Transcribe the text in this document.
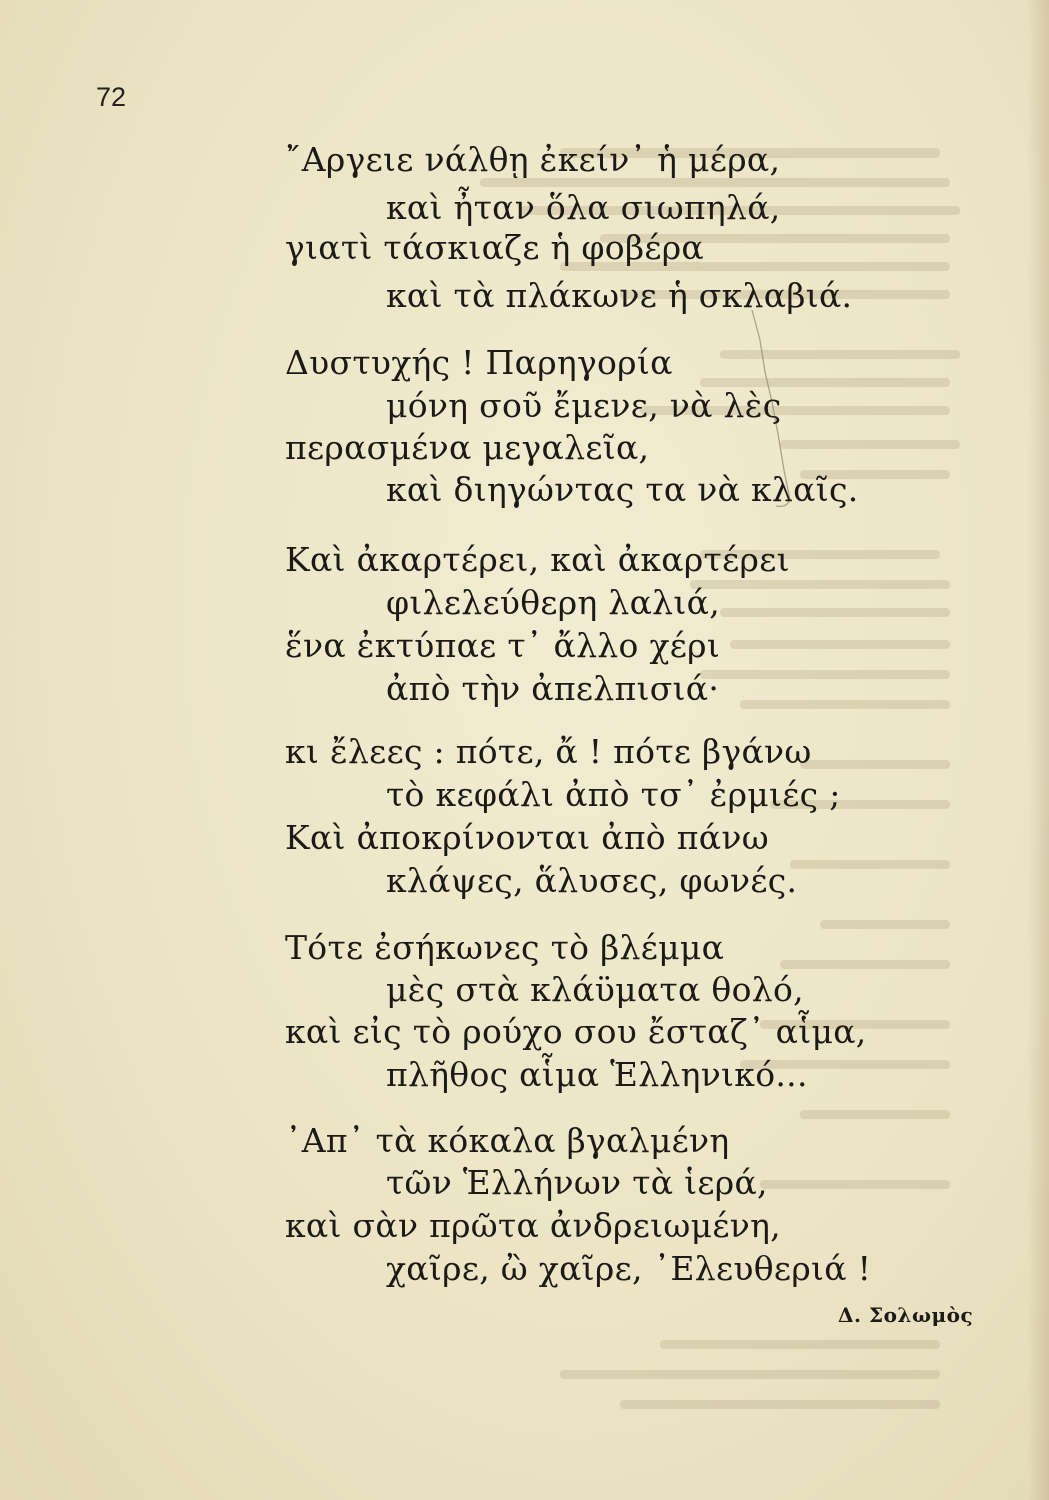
72
῎Αργειε νάλθῃ ἐκείν᾽ ἡ μέρα,
καὶ ἦταν ὅλα σιωπηλά,
γιατὶ τάσκιαζε ἡ φοβέρα
καὶ τὰ πλάκωνε ἡ σκλαβιά.
Δυστυχής ! Παρηγορία
μόνη σοῦ ἔμενε, νὰ λὲς
περασμένα μεγαλεῖα,
καὶ διηγώντας τα νὰ κλαῖς.
Καὶ ἀκαρτέρει, καὶ ἀκαρτέρει
φιλελεύθερη λαλιά,
ἕνα ἐκτύπαε τ᾽ ἄλλο χέρι
ἀπὸ τὴν ἀπελπισιά·
κι ἔλεες : πότε, ἄ ! πότε βγάνω
τὸ κεφάλι ἀπὸ τσ᾽ ἐρμιές ;
Καὶ ἀποκρίνονται ἀπὸ πάνω
κλάψες, ἅλυσες, φωνές.
Τότε ἐσήκωνες τὸ βλέμμα
μὲς στὰ κλάϋματα θολό,
καὶ εἰς τὸ ρούχο σου ἔσταζ᾽ αἷμα,
πλῆθος αἷμα Ἑλληνικό...
᾽Απ᾽ τὰ κόκαλα βγαλμένη
τῶν Ἑλλήνων τὰ ἱερά,
καὶ σὰν πρῶτα ἀνδρειωμένη,
χαῖρε, ὢ χαῖρε, ᾽Ελευθεριά !
Δ. Σολωμὸς
